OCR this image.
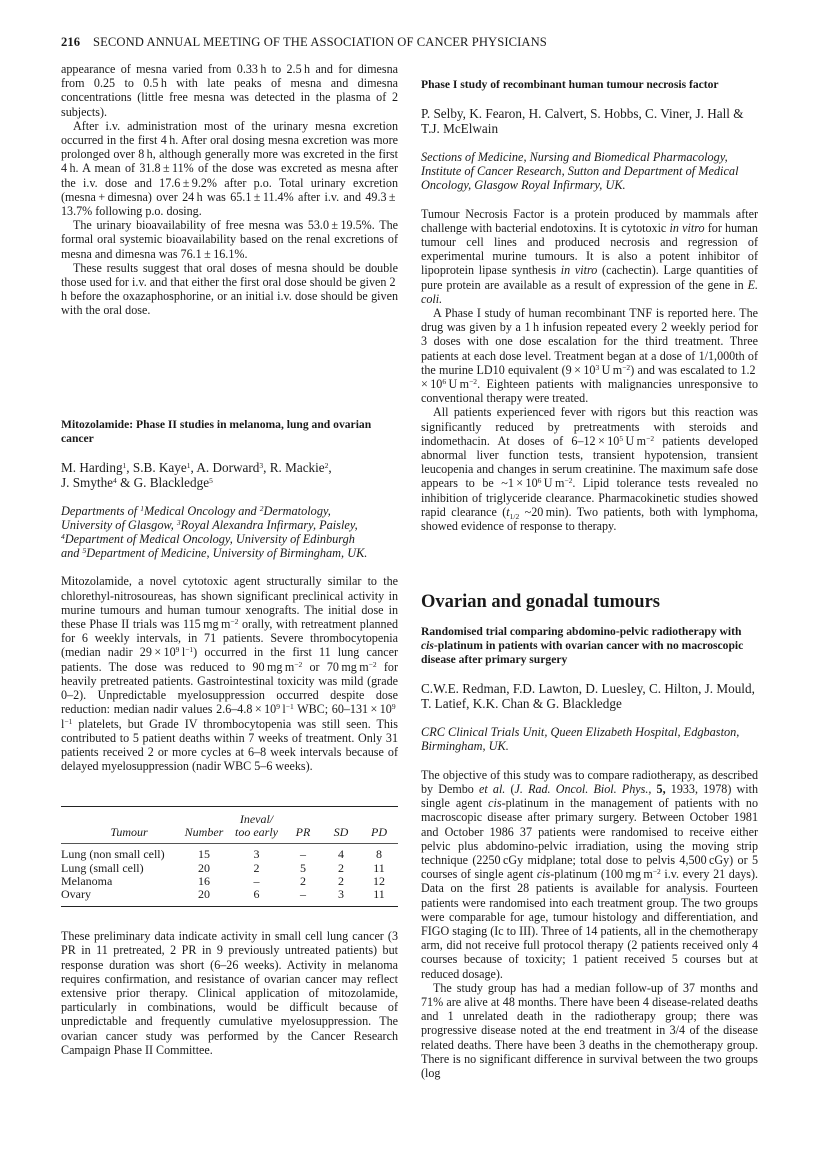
216 SECOND ANNUAL MEETING OF THE ASSOCIATION OF CANCER PHYSICIANS

appearance of mesna varied from 0.33 h to 2.5 h and for dimesna from 0.25 to 0.5 h with late peaks of mesna and dimesna concentrations (little free mesna was detected in the plasma of 2 subjects).

After i.v. administration most of the urinary mesna excretion occurred in the first 4 h. After oral dosing mesna excretion was more prolonged over 8 h, although generally more was excreted in the first 4 h. A mean of 31.8 ± 11% of the dose was excreted as mesna after the i.v. dose and 17.6 ± 9.2% after p.o. Total urinary excretion (mesna + dimesna) over 24 h was 65.1 ± 11.4% after i.v. and 49.3 ± 13.7% following p.o. dosing.

The urinary bioavailability of free mesna was 53.0 ± 19.5%. The formal oral systemic bioavailability based on the renal excretions of mesna and dimesna was 76.1 ± 16.1%.

These results suggest that oral doses of mesna should be double those used for i.v. and that either the first oral dose should be given 2 h before the oxazaphosphorine, or an initial i.v. dose should be given with the oral dose.

Mitozolamide: Phase II studies in melanoma, lung and ovarian cancer

M. Harding$^1$, S.B. Kaye$^1$, A. Dorward$^3$, R. Mackie$^2$,
J. Smythe$^4$ & G. Blackledge$^5$

Departments of $^1$Medical Oncology and $^2$Dermatology,
University of Glasgow, $^3$Royal Alexandra Infirmary, Paisley,
$^4$Department of Medical Oncology, University of Edinburgh
and $^5$Department of Medicine, University of Birmingham, UK.

Mitozolamide, a novel cytotoxic agent structurally similar to the chlorethyl-nitrosoureas, has shown significant preclinical activity in murine tumours and human tumour xenografts. The initial dose in these Phase II trials was 115 mg $m^{-2}$ orally, with retreatment planned for 6 weekly intervals, in 71 patients. Severe thrombocytopenia (median nadir $29 \times 10^9$ $l^{-1}$) occurred in the first 11 lung cancer patients. The dose was reduced to 90 mg $m^{-2}$ or 70 mg $m^{-2}$ for heavily pretreated patients. Gastrointestinal toxicity was mild (grade 0–2). Unpredictable myelosuppression occurred despite dose reduction: median nadir values $2.6-4.8 \times 10^9$ $l^{-1}$ WBC; $60-131 \times 10^9$ $l^{-1}$ platelets, but Grade IV thrombocytopenia was still seen. This contributed to 5 patient deaths within 7 weeks of treatment. Only 31 patients received 2 or more cycles at 6–8 week intervals because of delayed myelosuppression (nadir WBC 5–6 weeks).

Tumour	Number	Ineval/
too early	PR	SD	PD
Lung (non small cell)	15	3	–	4	8
Lung (small cell)	20	2	5	2	11
Melanoma	16	–	2	2	12
Ovary	20	6	–	3	11

These preliminary data indicate activity in small cell lung cancer (3 PR in 11 pretreated, 2 PR in 9 previously untreated patients) but response duration was short (6–26 weeks). Activity in melanoma requires confirmation, and resistance of ovarian cancer may reflect extensive prior therapy. Clinical application of mitozolamide, particularly in combinations, would be difficult because of unpredictable and frequently cumulative myelosuppression. The ovarian cancer study was performed by the Cancer Research Campaign Phase II Committee.

Phase I study of recombinant human tumour necrosis factor

P. Selby, K. Fearon, H. Calvert, S. Hobbs, C. Viner, J. Hall & T.J. McElwain

Sections of Medicine, Nursing and Biomedical Pharmacology, Institute of Cancer Research, Sutton and Department of Medical Oncology, Glasgow Royal Infirmary, UK.

Tumour Necrosis Factor is a protein produced by mammals after challenge with bacterial endotoxins. It is cytotoxic in vitro for human tumour cell lines and produced necrosis and regression of experimental murine tumours. It is also a potent inhibitor of lipoprotein lipase synthesis in vitro (cachectin). Large quantities of pure protein are available as a result of expression of the gene in E. coli.

A Phase I study of human recombinant TNF is reported here. The drug was given by a 1 h infusion repeated every 2 weekly period for 3 doses with one dose escalation for the third treatment. Three patients at each dose level. Treatment began at a dose of 1/1,000th of the murine LD10 equivalent ($9 \times 10^3$ U $m^{-2}$) and was escalated to $1.2 \times 10^6$ U $m^{-2}$. Eighteen patients with malignancies unresponsive to conventional therapy were treated.

All patients experienced fever with rigors but this reaction was significantly reduced by pretreatments with steroids and indomethacin. At doses of $6-12 \times 10^5$ U $m^{-2}$ patients developed abnormal liver function tests, transient hypotension, transient leucopenia and changes in serum creatinine. The maximum safe dose appears to be ~1 × $10^6$ U $m^{-2}$. Lipid tolerance tests revealed no inhibition of triglyceride clearance. Pharmacokinetic studies showed rapid clearance ($t_{1/2}$ ~20 min). Two patients, both with lymphoma, showed evidence of response to therapy.

Ovarian and gonadal tumours
Randomised trial comparing abdomino-pelvic radiotherapy with cis-platinum in patients with ovarian cancer with no macroscopic disease after primary surgery

C.W.E. Redman, F.D. Lawton, D. Luesley, C. Hilton, J. Mould, T. Latief, K.K. Chan & G. Blackledge

CRC Clinical Trials Unit, Queen Elizabeth Hospital, Edgbaston, Birmingham, UK.

The objective of this study was to compare radiotherapy, as described by Dembo et al. (J. Rad. Oncol. Biol. Phys., 5, 1933, 1978) with single agent cis-platinum in the management of patients with no macroscopic disease after primary surgery. Between October 1981 and October 1986 37 patients were randomised to receive either pelvic plus abdomino-pelvic irradiation, using the moving strip technique (2250 cGy midplane; total dose to pelvis 4,500 cGy) or 5 courses of single agent cis-platinum (100 mg $m^{-2}$ i.v. every 21 days). Data on the first 28 patients is available for analysis. Fourteen patients were randomised into each treatment group. The two groups were comparable for age, tumour histology and differentiation, and FIGO staging (Ic to III). Three of 14 patients, all in the chemotherapy arm, did not receive full protocol therapy (2 patients received only 4 courses because of toxicity; 1 patient received 5 courses but at reduced dosage).

The study group has had a median follow-up of 37 months and 71% are alive at 48 months. There have been 4 disease-related deaths and 1 unrelated death in the radiotherapy group; there was progressive disease noted at the end treatment in 3/4 of the disease related deaths. There have been 3 deaths in the chemotherapy group. There is no significant difference in survival between the two groups (log
